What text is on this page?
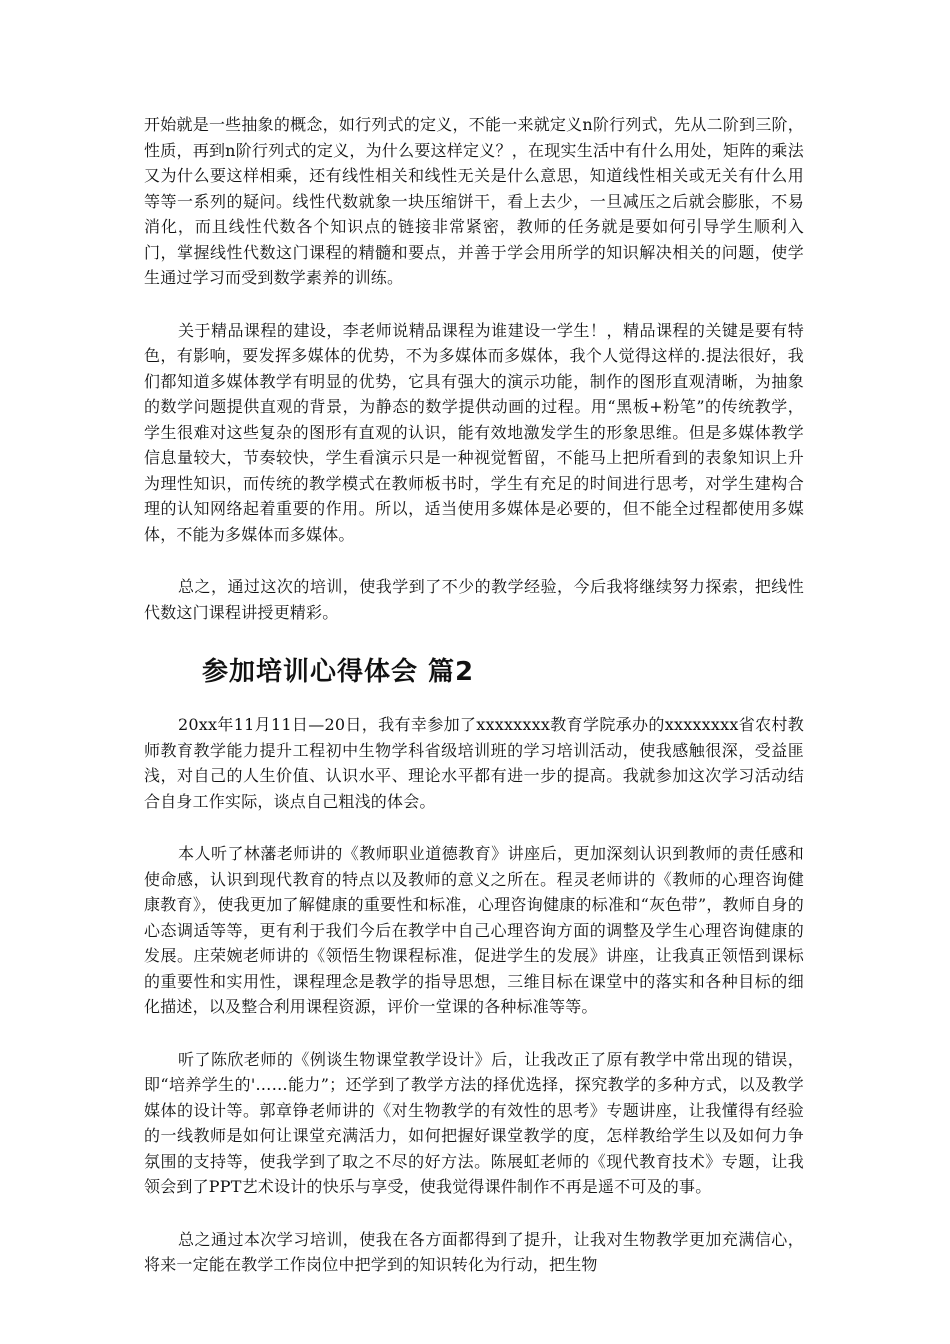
开始就是一些抽象的概念，如行列式的定义，不能一来就定义n阶行列式，先从二阶到三阶，性质，再到n阶行列式的定义，为什么要这样定义？，在现实生活中有什么用处，矩阵的乘法又为什么要这样相乘，还有线性相关和线性无关是什么意思，知道线性相关或无关有什么用等等一系列的疑问。线性代数就象一块压缩饼干，看上去少，一旦减压之后就会膨胀，不易消化，而且线性代数各个知识点的链接非常紧密，教师的任务就是要如何引导学生顺利入门，掌握线性代数这门课程的精髓和要点，并善于学会用所学的知识解决相关的问题，使学生通过学习而受到数学素养的训练。

关于精品课程的建设，李老师说精品课程为谁建设一学生！，精品课程的关键是要有特色，有影响，要发挥多媒体的优势，不为多媒体而多媒体，我个人觉得这样的.提法很好，我们都知道多媒体教学有明显的优势，它具有强大的演示功能，制作的图形直观清晰，为抽象的数学问题提供直观的背景，为静态的数学提供动画的过程。用“黑板+粉笔”的传统教学，学生很难对这些复杂的图形有直观的认识，能有效地激发学生的形象思维。但是多媒体教学信息量较大，节奏较快，学生看演示只是一种视觉暂留，不能马上把所看到的表象知识上升为理性知识，而传统的教学模式在教师板书时，学生有充足的时间进行思考，对学生建构合理的认知网络起着重要的作用。所以，适当使用多媒体是必要的，但不能全过程都使用多媒体，不能为多媒体而多媒体。

总之，通过这次的培训，使我学到了不少的教学经验，今后我将继续努力探索，把线性代数这门课程讲授更精彩。

参加培训心得体会 篇2

20xx年11月11日—20日，我有幸参加了xxxxxxxx教育学院承办的xxxxxxxx省农村教师教育教学能力提升工程初中生物学科省级培训班的学习培训活动，使我感触很深，受益匪浅，对自己的人生价值、认识水平、理论水平都有进一步的提高。我就参加这次学习活动结合自身工作实际，谈点自己粗浅的体会。

本人听了林藩老师讲的《教师职业道德教育》讲座后，更加深刻认识到教师的责任感和使命感，认识到现代教育的特点以及教师的意义之所在。程灵老师讲的《教师的心理咨询健康教育》，使我更加了解健康的重要性和标准，心理咨询健康的标准和“灰色带”，教师自身的心态调适等等，更有利于我们今后在教学中自己心理咨询方面的调整及学生心理咨询健康的发展。庄荣婉老师讲的《领悟生物课程标准，促进学生的发展》讲座，让我真正领悟到课标的重要性和实用性，课程理念是教学的指导思想，三维目标在课堂中的落实和各种目标的细化描述，以及整合利用课程资源，评价一堂课的各种标准等等。

听了陈欣老师的《例谈生物课堂教学设计》后，让我改正了原有教学中常出现的错误，即“培养学生的'……能力”；还学到了教学方法的择优选择，探究教学的多种方式，以及教学媒体的设计等。郭章铮老师讲的《对生物教学的有效性的思考》专题讲座，让我懂得有经验的一线教师是如何让课堂充满活力，如何把握好课堂教学的度，怎样教给学生以及如何力争氛围的支持等，使我学到了取之不尽的好方法。陈展虹老师的《现代教育技术》专题，让我领会到了PPT艺术设计的快乐与享受，使我觉得课件制作不再是遥不可及的事。

总之通过本次学习培训，使我在各方面都得到了提升，让我对生物教学更加充满信心，将来一定能在教学工作岗位中把学到的知识转化为行动，把生物
